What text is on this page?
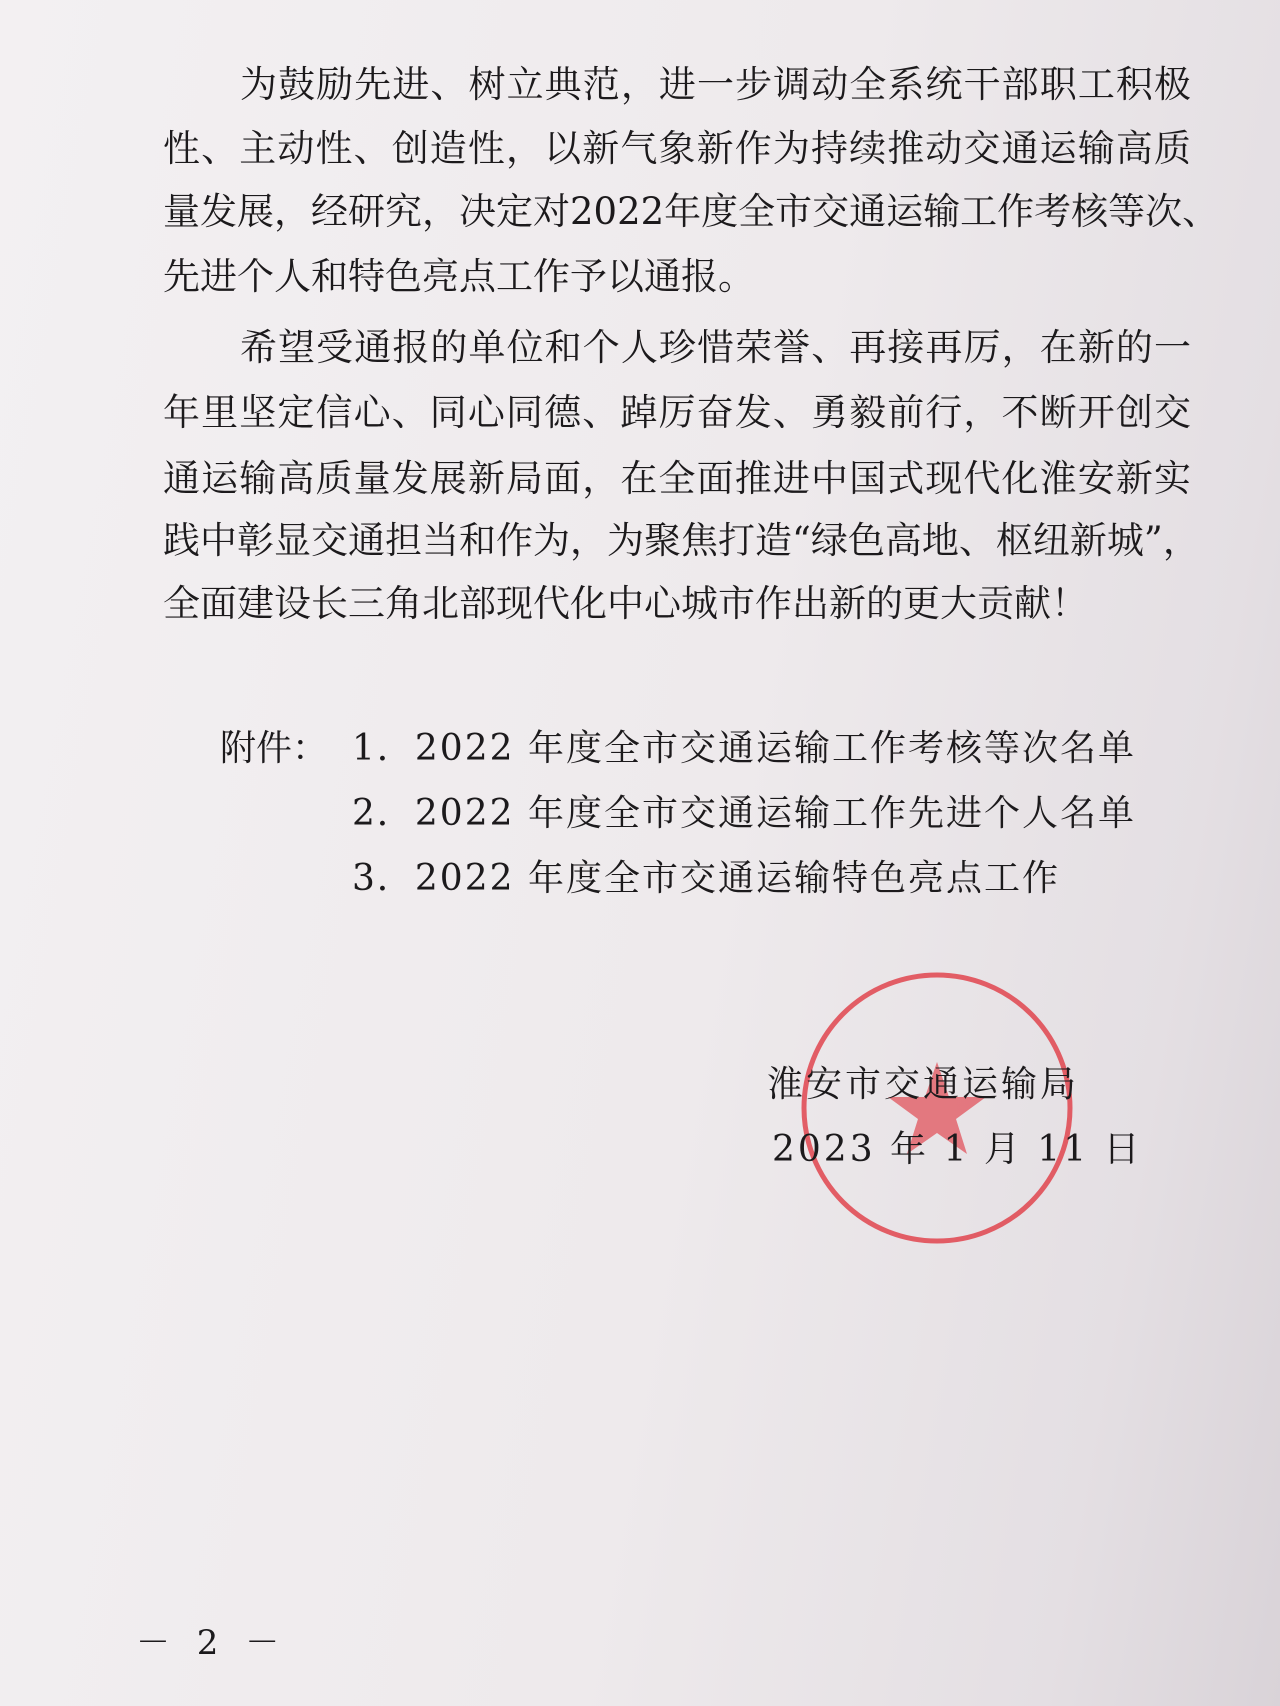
为鼓励先进、树立典范，进一步调动全系统干部职工积极
性、主动性、创造性，以新气象新作为持续推动交通运输高质
量发展，经研究，决定对2022年度全市交通运输工作考核等次、
先进个人和特色亮点工作予以通报。
希望受通报的单位和个人珍惜荣誉、再接再厉，在新的一
年里坚定信心、同心同德、踔厉奋发、勇毅前行，不断开创交
通运输高质量发展新局面，在全面推进中国式现代化淮安新实
践中彰显交通担当和作为，为聚焦打造“绿色高地、枢纽新城”，
全面建设长三角北部现代化中心城市作出新的更大贡献！
附件： 1．2022 年度全市交通运输工作考核等次名单
2．2022 年度全市交通运输工作先进个人名单
3．2022 年度全市交通运输特色亮点工作
淮安市交通运输局
2023 年 1 月 11 日
－ 2 －
